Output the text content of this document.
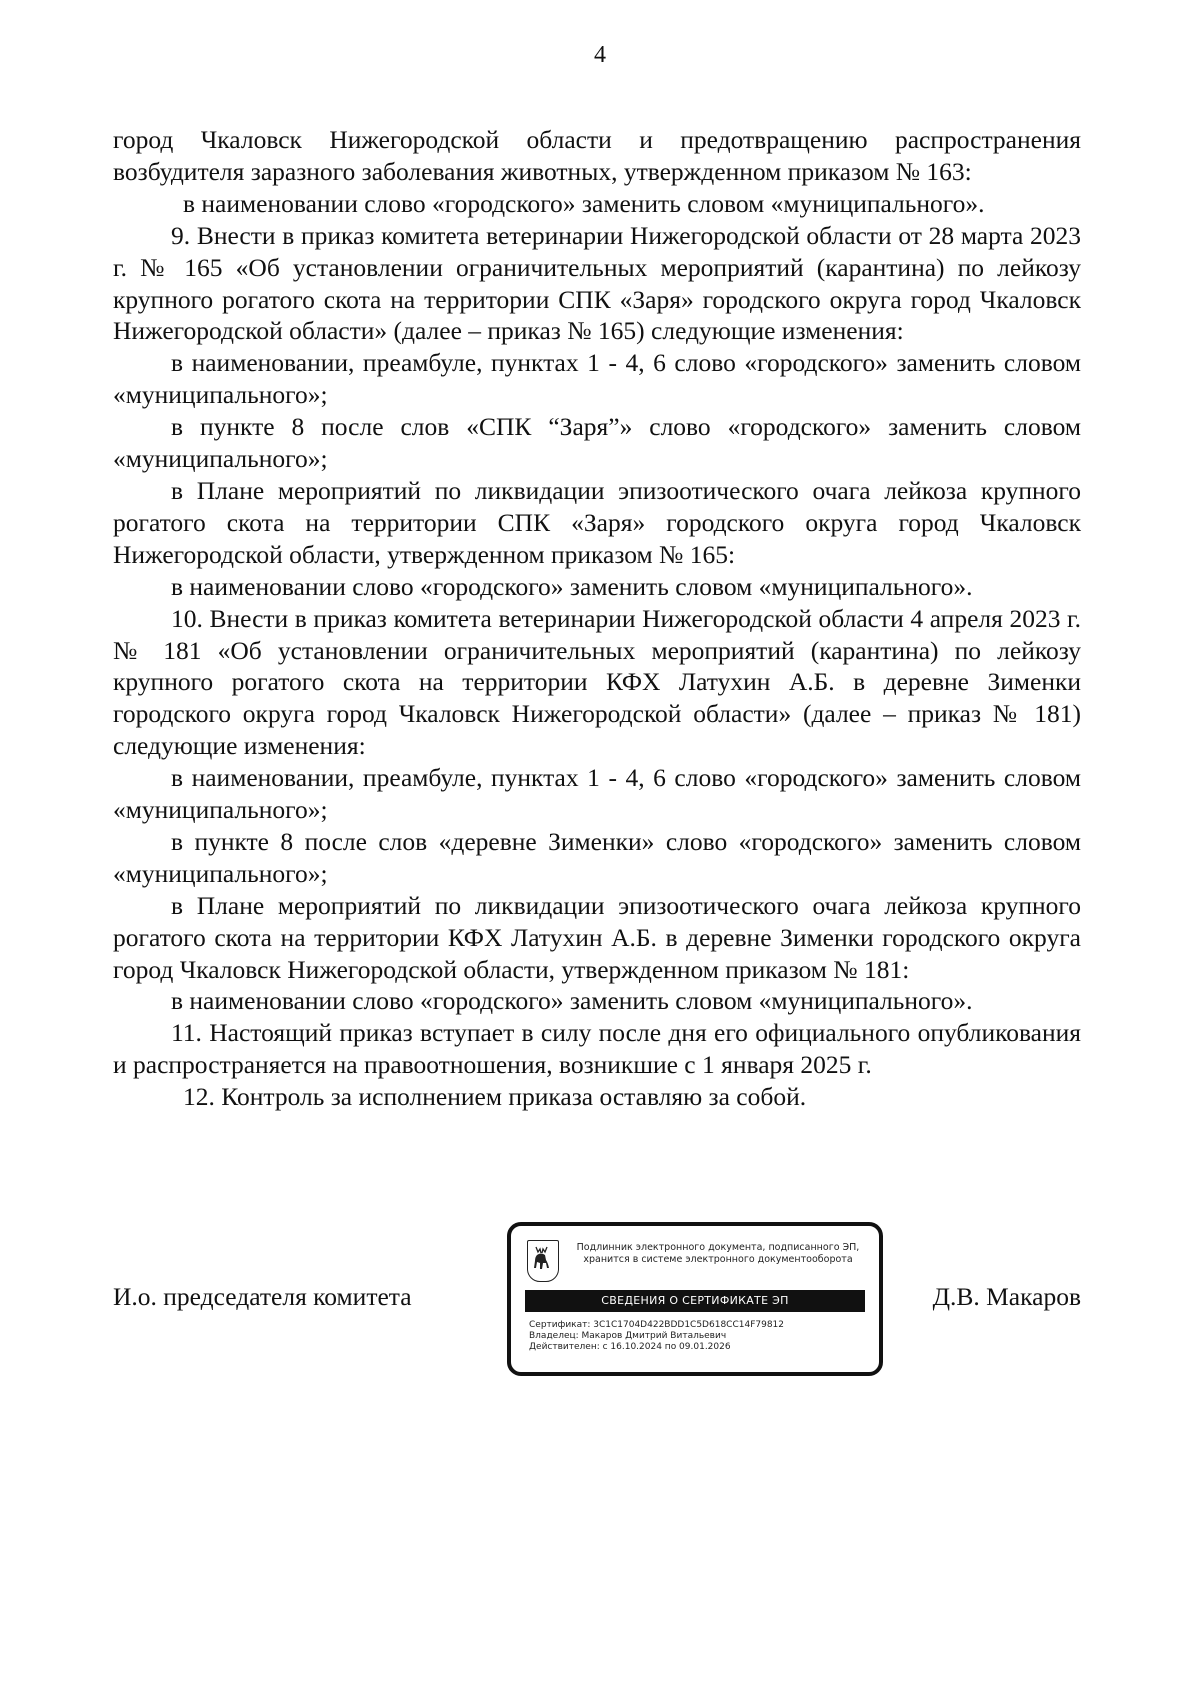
4

город Чкаловск Нижегородской области и предотвращению распространения возбудителя заразного заболевания животных, утвержденном приказом № 163:

в наименовании слово «городского» заменить словом «муниципального».

9. Внести в приказ комитета ветеринарии Нижегородской области от 28 марта 2023 г. № 165 «Об установлении ограничительных мероприятий (карантина) по лейкозу крупного рогатого скота на территории СПК «Заря» городского округа город Чкаловск Нижегородской области» (далее – приказ № 165) следующие изменения:

в наименовании, преамбуле, пунктах 1 - 4, 6 слово «городского» заменить словом «муниципального»;

в пункте 8 после слов «СПК “Заря”» слово «городского» заменить словом «муниципального»;

в Плане мероприятий по ликвидации эпизоотического очага лейкоза крупного рогатого скота на территории СПК «Заря» городского округа город Чкаловск Нижегородской области, утвержденном приказом № 165:

в наименовании слово «городского» заменить словом «муниципального».

10. Внести в приказ комитета ветеринарии Нижегородской области 4 апреля 2023 г. № 181 «Об установлении ограничительных мероприятий (карантина) по лейкозу крупного рогатого скота на территории КФХ Латухин А.Б. в деревне Зименки городского округа город Чкаловск Нижегородской области» (далее – приказ № 181) следующие изменения:

в наименовании, преамбуле, пунктах 1 - 4, 6 слово «городского» заменить словом «муниципального»;

в пункте 8 после слов «деревне Зименки» слово «городского» заменить словом «муниципального»;

в Плане мероприятий по ликвидации эпизоотического очага лейкоза крупного рогатого скота на территории КФХ Латухин А.Б. в деревне Зименки городского округа город Чкаловск Нижегородской области, утвержденном приказом № 181:

в наименовании слово «городского» заменить словом «муниципального».

11. Настоящий приказ вступает в силу после дня его официального опубликования и распространяется на правоотношения, возникшие с 1 января 2025 г.

12. Контроль за исполнением приказа оставляю за собой.

И.о. председателя комитета
Подлинник электронного документа, подписанного ЭП,
хранится в системе электронного документооборота
СВЕДЕНИЯ О СЕРТИФИКАТЕ ЭП
Сертификат: 3C1C1704D422BDD1C5D618CC14F79812
Владелец: Макаров Дмитрий Витальевич
Действителен: с 16.10.2024 по 09.01.2026
Д.В. Макаров
